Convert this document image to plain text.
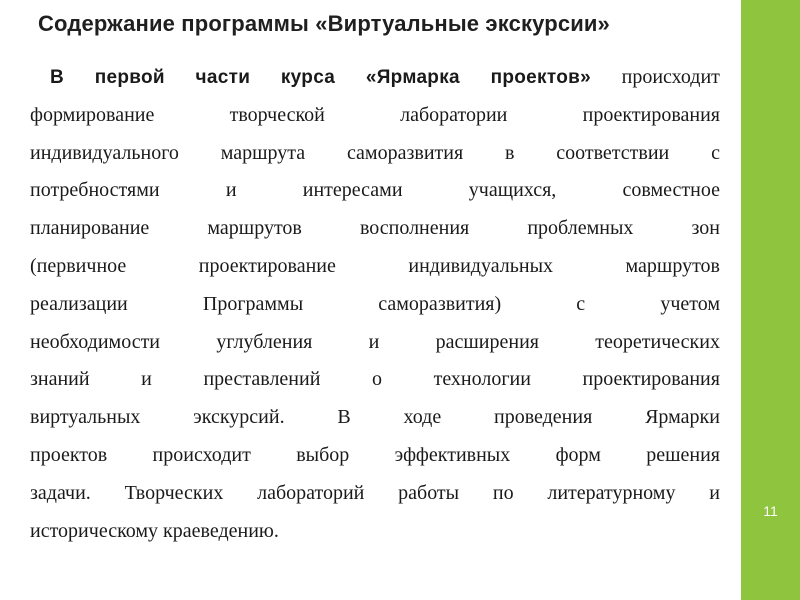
Содержание программы «Виртуальные экскурсии»
В первой части курса «Ярмарка проектов» происходит
формирование	творческой	лаборатории	проектирования
индивидуального маршрута саморазвития в соответствии с
потребностями	и	интересами	учащихся,	совместное
планирование	маршрутов	восполнения	проблемных	зон
(первичное	проектирование	индивидуальных	маршрутов
реализации	Программы	саморазвития)	с	учетом
необходимости	углубления	и	расширения	теоретических
знаний	и	преставлений	о	технологии	проектирования
виртуальных	экскурсий.	В	ходе	проведения	Ярмарки
проектов происходит выбор эффективных форм решения
задачи. Творческих лабораторий работы по литературному и
историческому краеведению.
11
